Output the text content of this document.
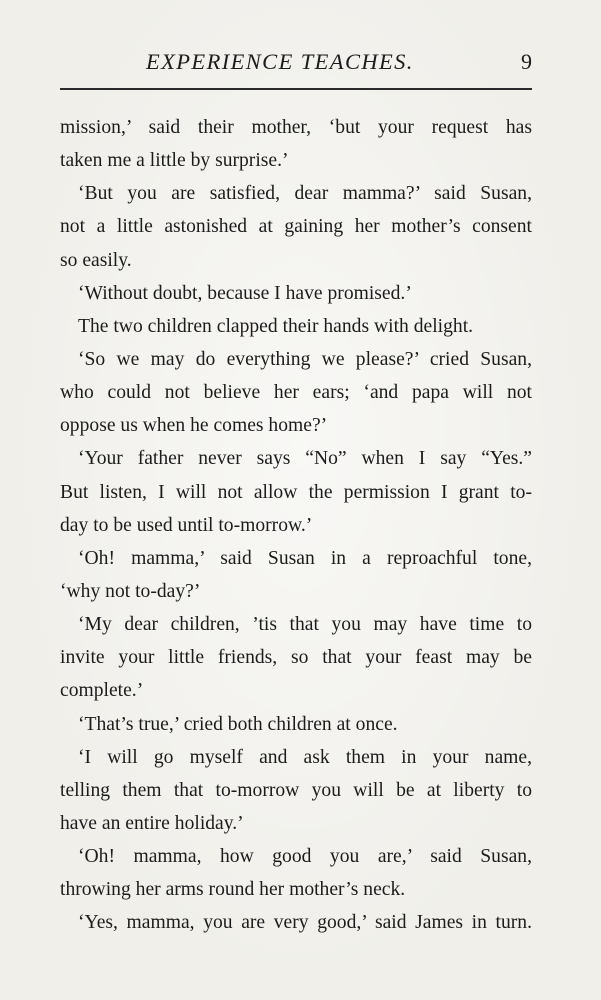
EXPERIENCE TEACHES.	9
mission,’ said their mother, ‘but your request has
taken me a little by surprise.’
‘But you are satisfied, dear mamma?’ said Susan,
not a little astonished at gaining her mother’s consent
so easily.
‘Without doubt, because I have promised.’
The two children clapped their hands with delight.
‘So we may do everything we please?’ cried Susan,
who could not believe her ears; ‘and papa will not
oppose us when he comes home?’
‘Your father never says “No” when I say “Yes.”
But listen, I will not allow the permission I grant to-
day to be used until to-morrow.’
‘Oh! mamma,’ said Susan in a reproachful tone,
‘why not to-day?’
‘My dear children, ’tis that you may have time to
invite your little friends, so that your feast may be
complete.’
‘That’s true,’ cried both children at once.
‘I will go myself and ask them in your name,
telling them that to-morrow you will be at liberty to
have an entire holiday.’
‘Oh! mamma, how good you are,’ said Susan,
throwing her arms round her mother’s neck.
‘Yes, mamma, you are very good,’ said James in turn.
